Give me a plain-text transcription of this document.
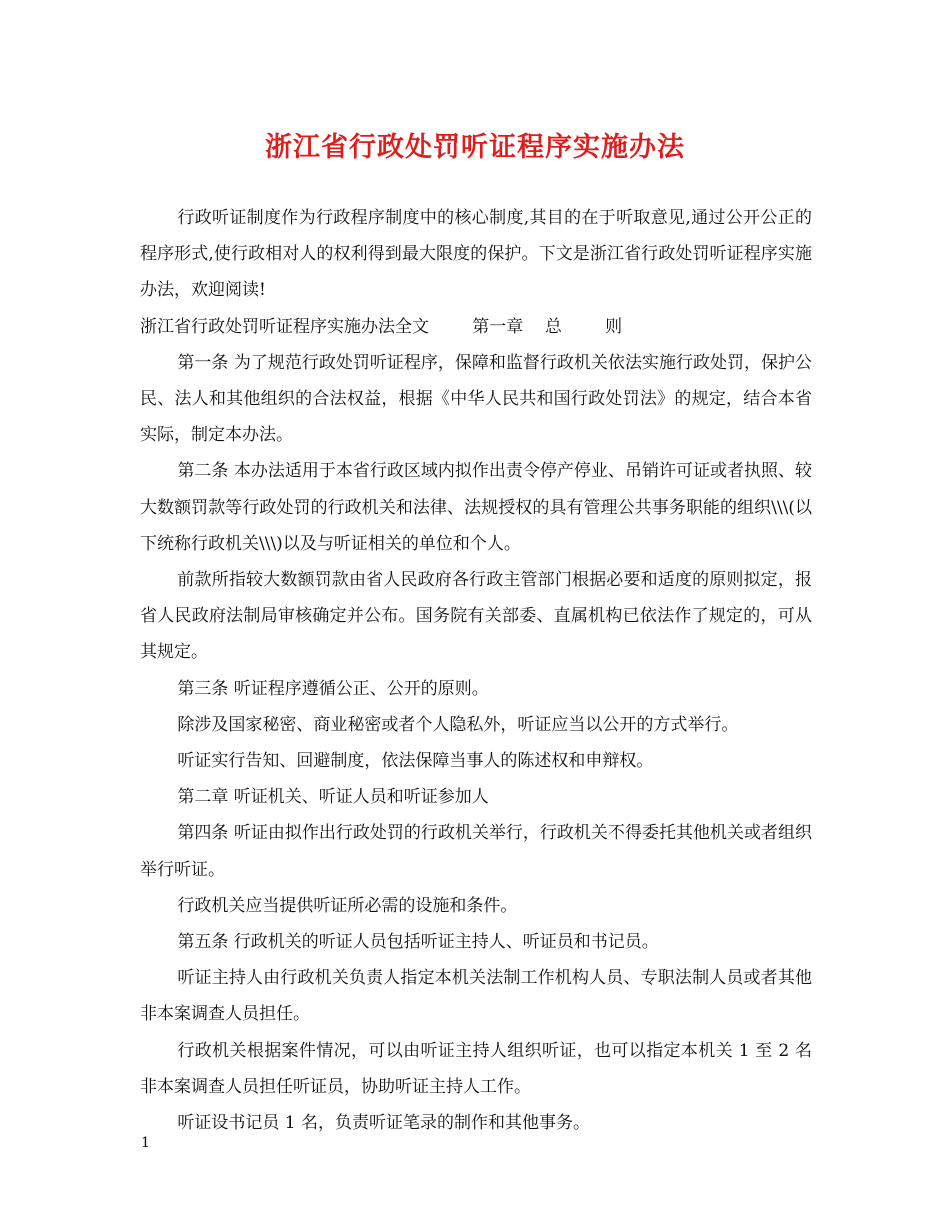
浙江省行政处罚听证程序实施办法

行政听证制度作为行政程序制度中的核心制度,其目的在于听取意见,通过公开公正的程序形式,使行政相对人的权利得到最大限度的保护。下文是浙江省行政处罚听证程序实施办法，欢迎阅读!

浙江省行政处罚听证程序实施办法全文        第一章    总        则

第一条 为了规范行政处罚听证程序，保障和监督行政机关依法实施行政处罚，保护公民、法人和其他组织的合法权益，根据《中华人民共和国行政处罚法》的规定，结合本省实际，制定本办法。

第二条 本办法适用于本省行政区域内拟作出责令停产停业、吊销许可证或者执照、较大数额罚款等行政处罚的行政机关和法律、法规授权的具有管理公共事务职能的组织\\\(以下统称行政机关\\\)以及与听证相关的单位和个人。

前款所指较大数额罚款由省人民政府各行政主管部门根据必要和适度的原则拟定，报省人民政府法制局审核确定并公布。国务院有关部委、直属机构已依法作了规定的，可从其规定。

第三条 听证程序遵循公正、公开的原则。

除涉及国家秘密、商业秘密或者个人隐私外，听证应当以公开的方式举行。

听证实行告知、回避制度，依法保障当事人的陈述权和申辩权。

第二章 听证机关、听证人员和听证参加人

第四条 听证由拟作出行政处罚的行政机关举行，行政机关不得委托其他机关或者组织举行听证。

行政机关应当提供听证所必需的设施和条件。

第五条 行政机关的听证人员包括听证主持人、听证员和书记员。

听证主持人由行政机关负责人指定本机关法制工作机构人员、专职法制人员或者其他非本案调查人员担任。

行政机关根据案件情况，可以由听证主持人组织听证，也可以指定本机关 1 至 2 名非本案调查人员担任听证员，协助听证主持人工作。

听证设书记员 1 名，负责听证笔录的制作和其他事务。

1
